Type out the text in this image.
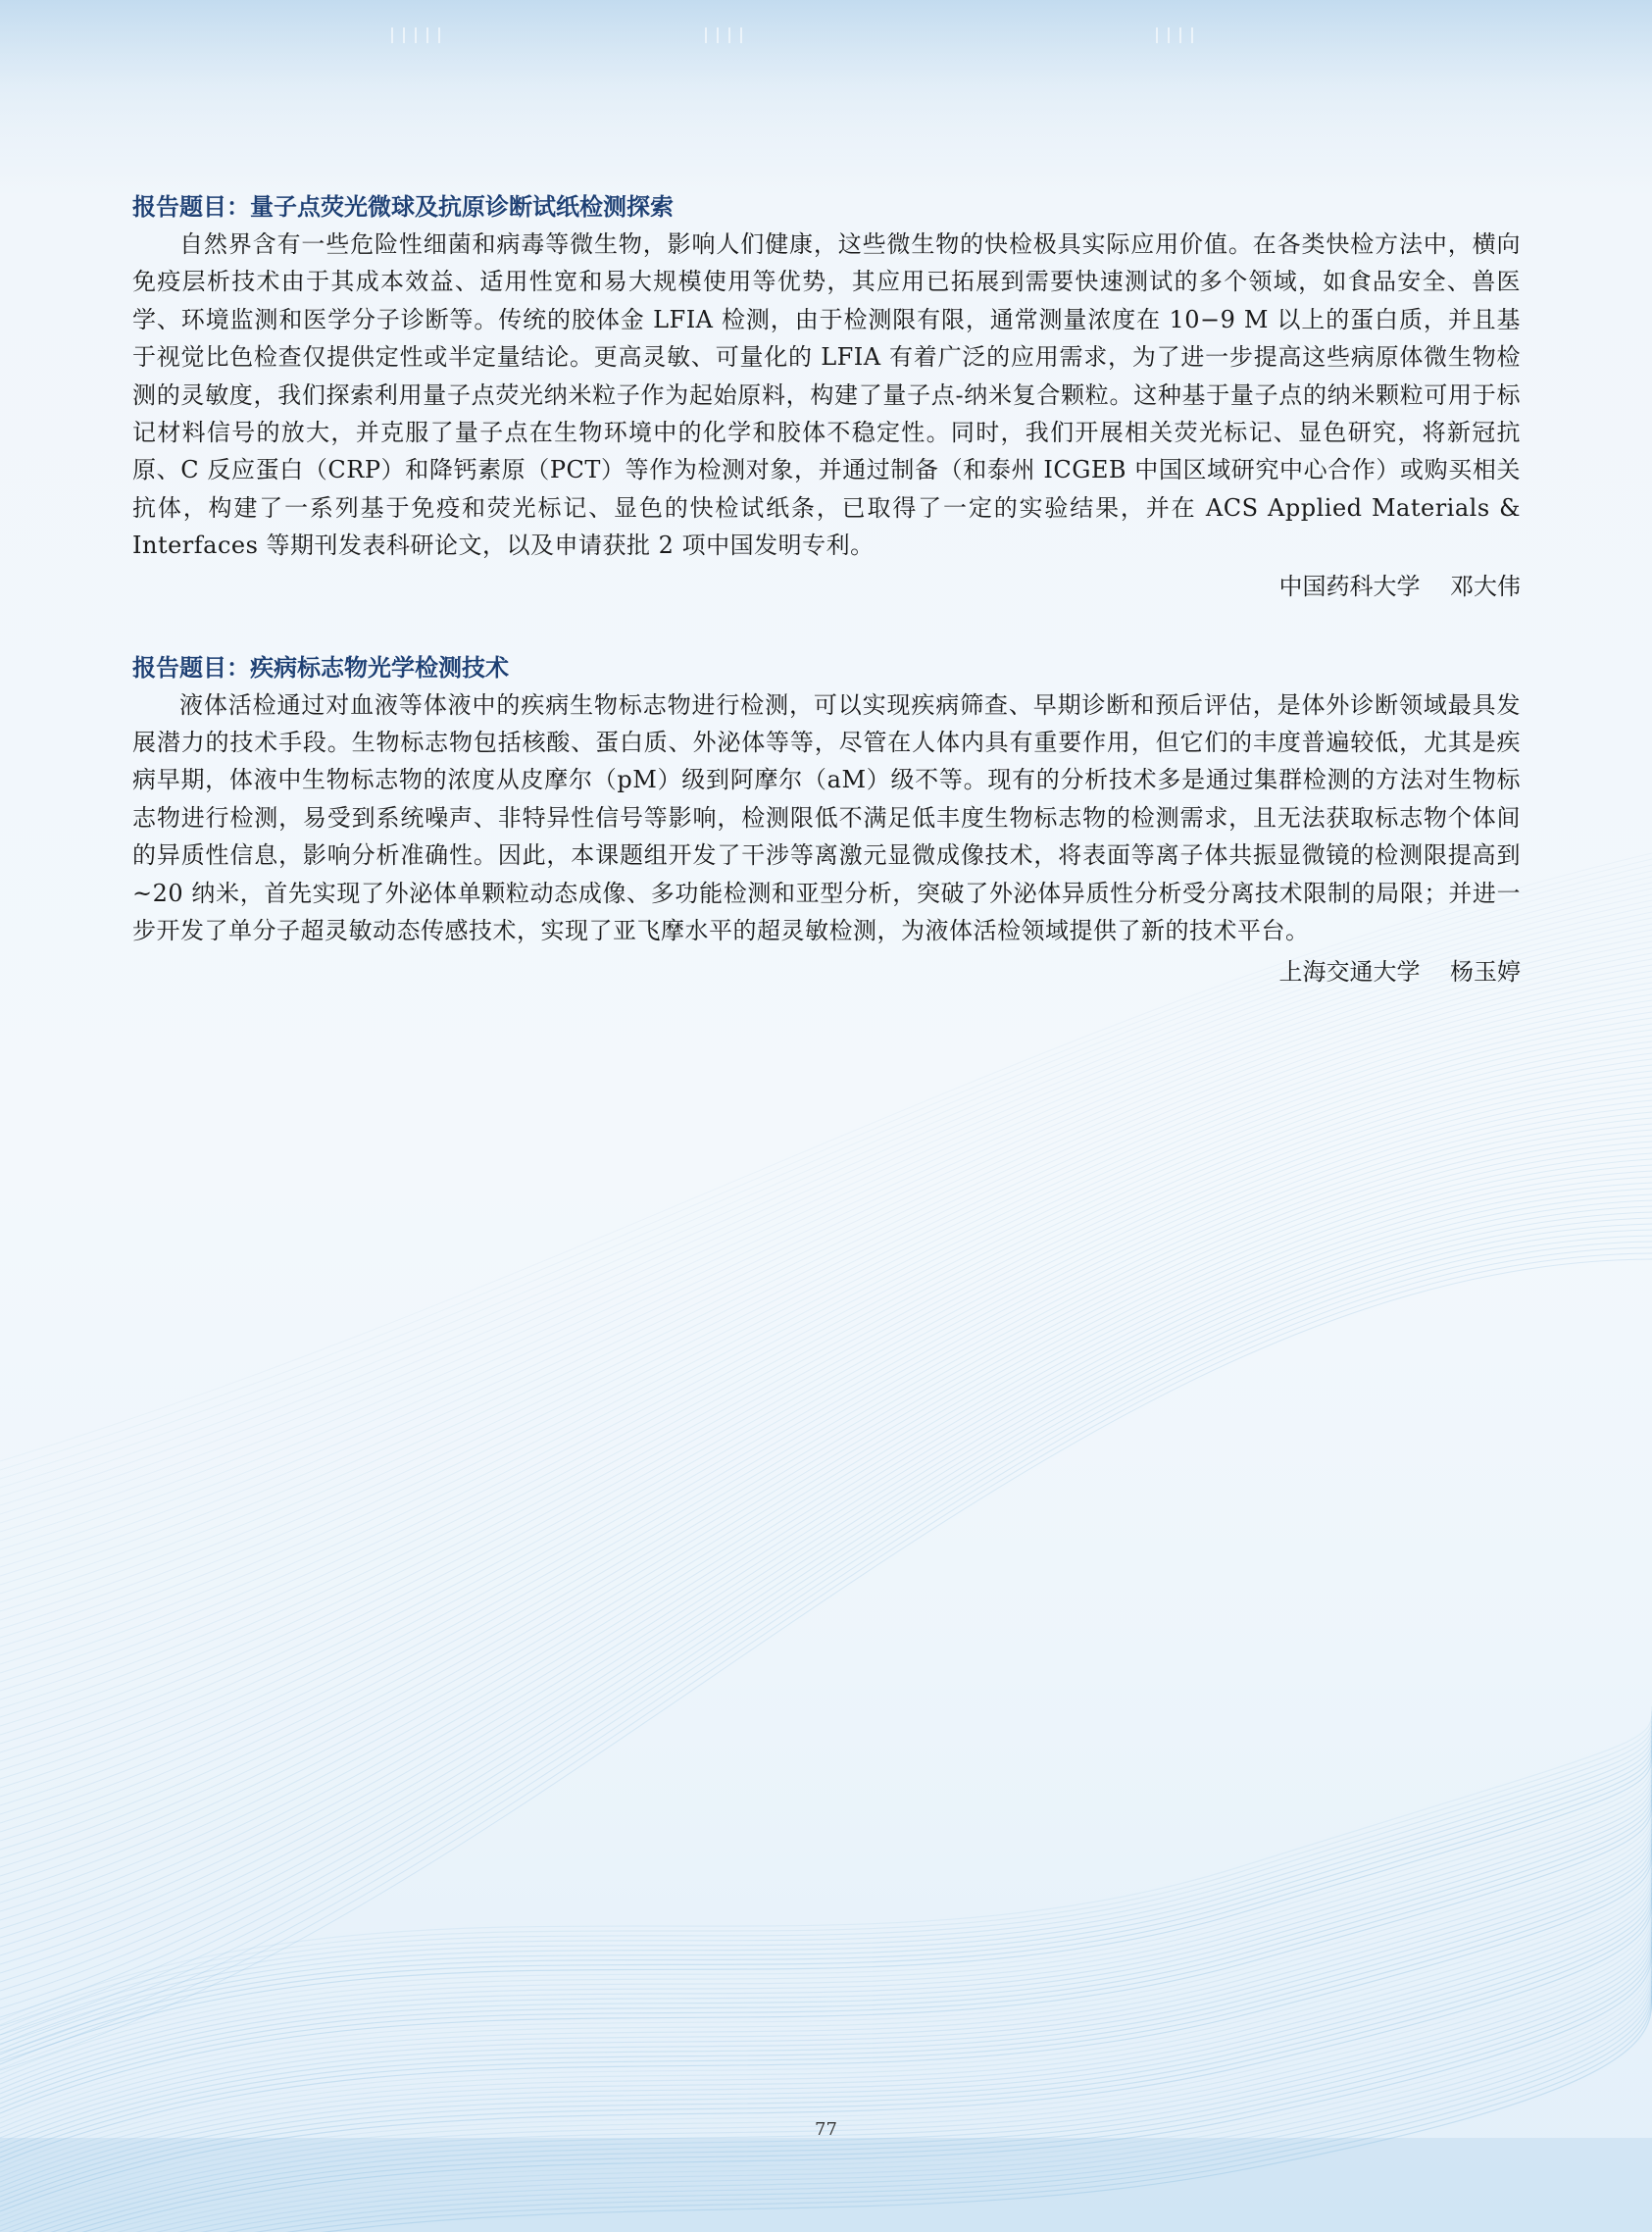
报告题目：量子点荧光微球及抗原诊断试纸检测探索

自然界含有一些危险性细菌和病毒等微生物，影响人们健康，这些微生物的快检极具实际应用价值。在各类快检方法中，横向免疫层析技术由于其成本效益、适用性宽和易大规模使用等优势，其应用已拓展到需要快速测试的多个领域，如食品安全、兽医学、环境监测和医学分子诊断等。传统的胶体金 LFIA 检测，由于检测限有限，通常测量浓度在 10−9 M 以上的蛋白质，并且基于视觉比色检查仅提供定性或半定量结论。更高灵敏、可量化的 LFIA 有着广泛的应用需求，为了进一步提高这些病原体微生物检测的灵敏度，我们探索利用量子点荧光纳米粒子作为起始原料，构建了量子点-纳米复合颗粒。这种基于量子点的纳米颗粒可用于标记材料信号的放大，并克服了量子点在生物环境中的化学和胶体不稳定性。同时，我们开展相关荧光标记、显色研究，将新冠抗原、C 反应蛋白（CRP）和降钙素原（PCT）等作为检测对象，并通过制备（和泰州 ICGEB 中国区域研究中心合作）或购买相关抗体，构建了一系列基于免疫和荧光标记、显色的快检试纸条，已取得了一定的实验结果，并在 ACS Applied Materials & Interfaces 等期刊发表科研论文，以及申请获批 2 项中国发明专利。

中国药科大学    邓大伟

报告题目：疾病标志物光学检测技术

液体活检通过对血液等体液中的疾病生物标志物进行检测，可以实现疾病筛查、早期诊断和预后评估，是体外诊断领域最具发展潜力的技术手段。生物标志物包括核酸、蛋白质、外泌体等等，尽管在人体内具有重要作用，但它们的丰度普遍较低，尤其是疾病早期，体液中生物标志物的浓度从皮摩尔（pM）级到阿摩尔（aM）级不等。现有的分析技术多是通过集群检测的方法对生物标志物进行检测，易受到系统噪声、非特异性信号等影响，检测限低不满足低丰度生物标志物的检测需求，且无法获取标志物个体间的异质性信息，影响分析准确性。因此，本课题组开发了干涉等离激元显微成像技术，将表面等离子体共振显微镜的检测限提高到~20 纳米，首先实现了外泌体单颗粒动态成像、多功能检测和亚型分析，突破了外泌体异质性分析受分离技术限制的局限；并进一步开发了单分子超灵敏动态传感技术，实现了亚飞摩水平的超灵敏检测，为液体活检领域提供了新的技术平台。

上海交通大学    杨玉婷

77
